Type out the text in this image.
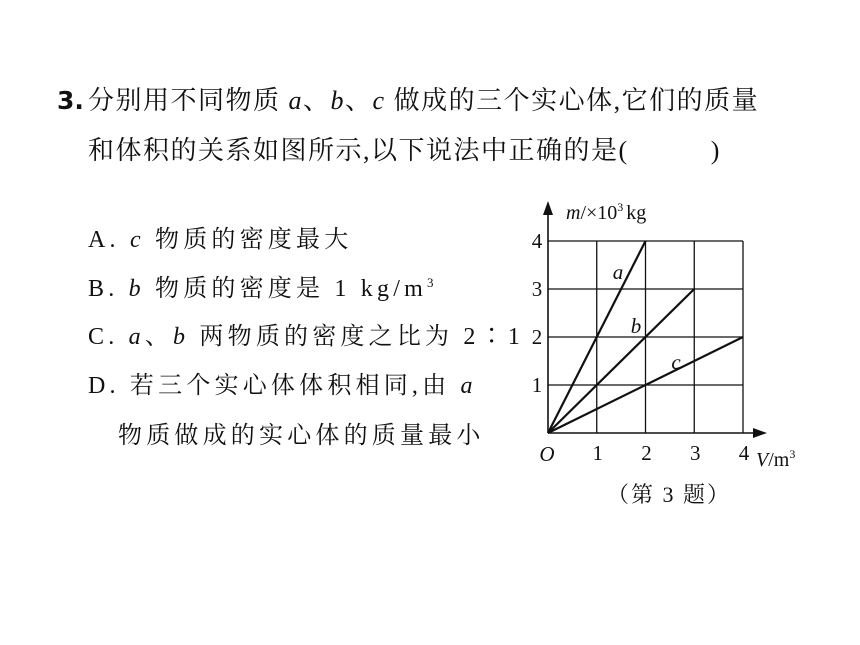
3. 分别用不同物质 a、b、c 做成的三个实心体,它们的质量
和体积的关系如图所示,以下说法中正确的是(	)
A. c 物质的密度最大
B. b 物质的密度是 1 $kg/m^3$
C. a、b 两物质的密度之比为 2∶1
D. 若三个实心体体积相同,由 a
物质做成的实心体的质量最小
a
b
c
1
2
3
4
1 2 3 4
O
$m/\times 10^3$ kg
$V/m^3$
（第 3 题）
